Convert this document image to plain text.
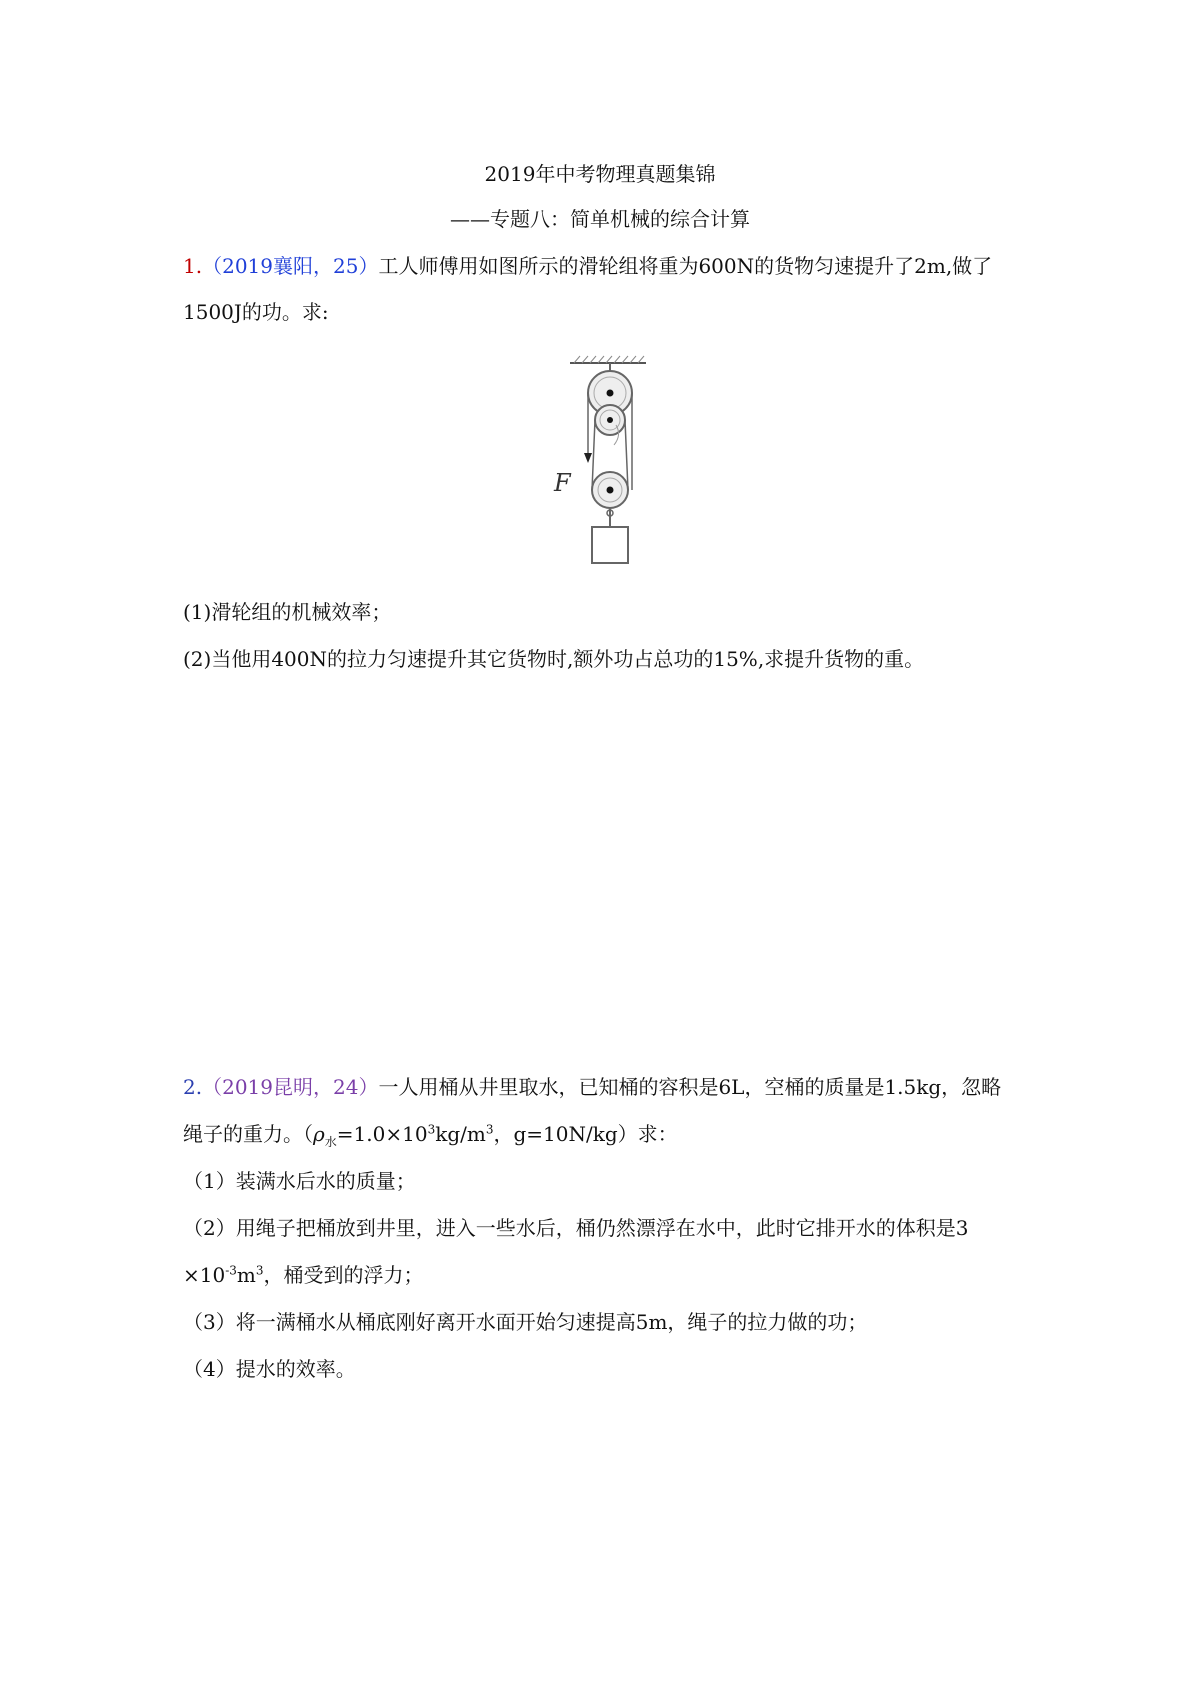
2019年中考物理真题集锦
——专题八：简单机械的综合计算
1.（2019襄阳，25）工人师傅用如图所示的滑轮组将重为600N的货物匀速提升了2m,做了
1500J的功。求:
F
(1)滑轮组的机械效率；
(2)当他用400N的拉力匀速提升其它货物时,额外功占总功的15%,求提升货物的重。
2.（2019昆明，24）一人用桶从井里取水，已知桶的容积是6L，空桶的质量是1.5kg，忽略
绳子的重力。（$\rho_水=1.0\times 10^3kg/m^3$，g=10N/kg）求：
（1）装满水后水的质量；
（2）用绳子把桶放到井里，进入一些水后，桶仍然漂浮在水中，此时它排开水的体积是3
$\times 10^{-3}m^3$，桶受到的浮力；
（3）将一满桶水从桶底刚好离开水面开始匀速提高5m，绳子的拉力做的功；
（4）提水的效率。
